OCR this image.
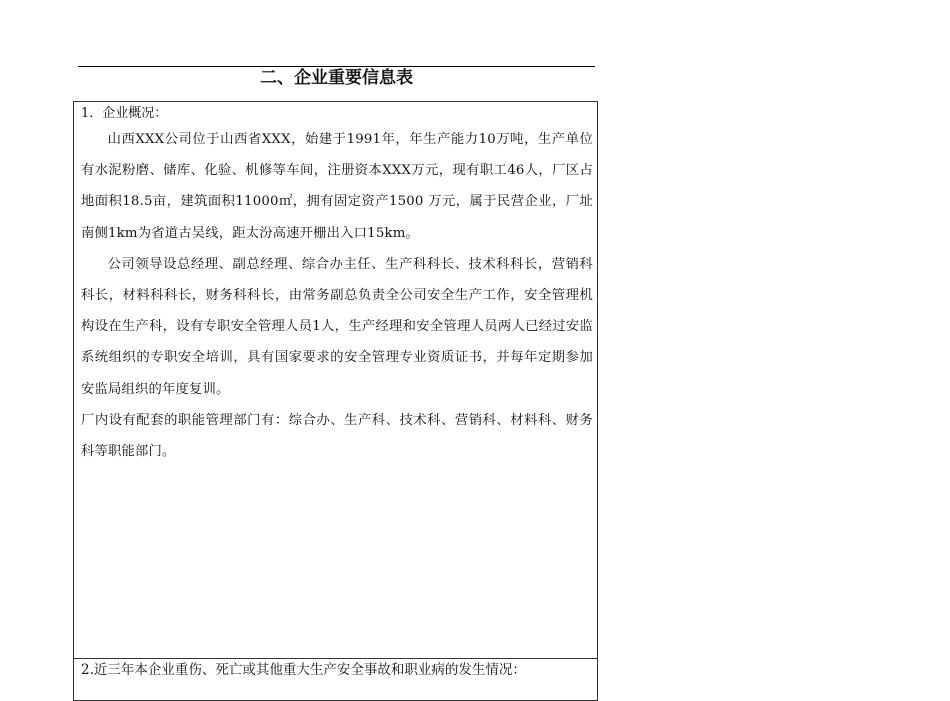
二、企业重要信息表

1．企业概况：

山西XXX公司位于山西省XXX，始建于1991年，年生产能力10万吨，生产单位有水泥粉磨、储库、化验、机修等车间，注册资本XXX万元，现有职工46人，厂区占地面积18.5亩，建筑面积11000㎡，拥有固定资产1500 万元，属于民营企业，厂址南侧1km为省道古吴线，距太汾高速开栅出入口15km。

公司领导设总经理、副总经理、综合办主任、生产科科长、技术科科长，营销科科长，材料科科长，财务科科长，由常务副总负责全公司安全生产工作，安全管理机构设在生产科，设有专职安全管理人员1人，生产经理和安全管理人员两人已经过安监系统组织的专职安全培训，具有国家要求的安全管理专业资质证书，并每年定期参加安监局组织的年度复训。

厂内设有配套的职能管理部门有：综合办、生产科、技术科、营销科、材料科、财务科等职能部门。

2.近三年本企业重伤、死亡或其他重大生产安全事故和职业病的发生情况：
